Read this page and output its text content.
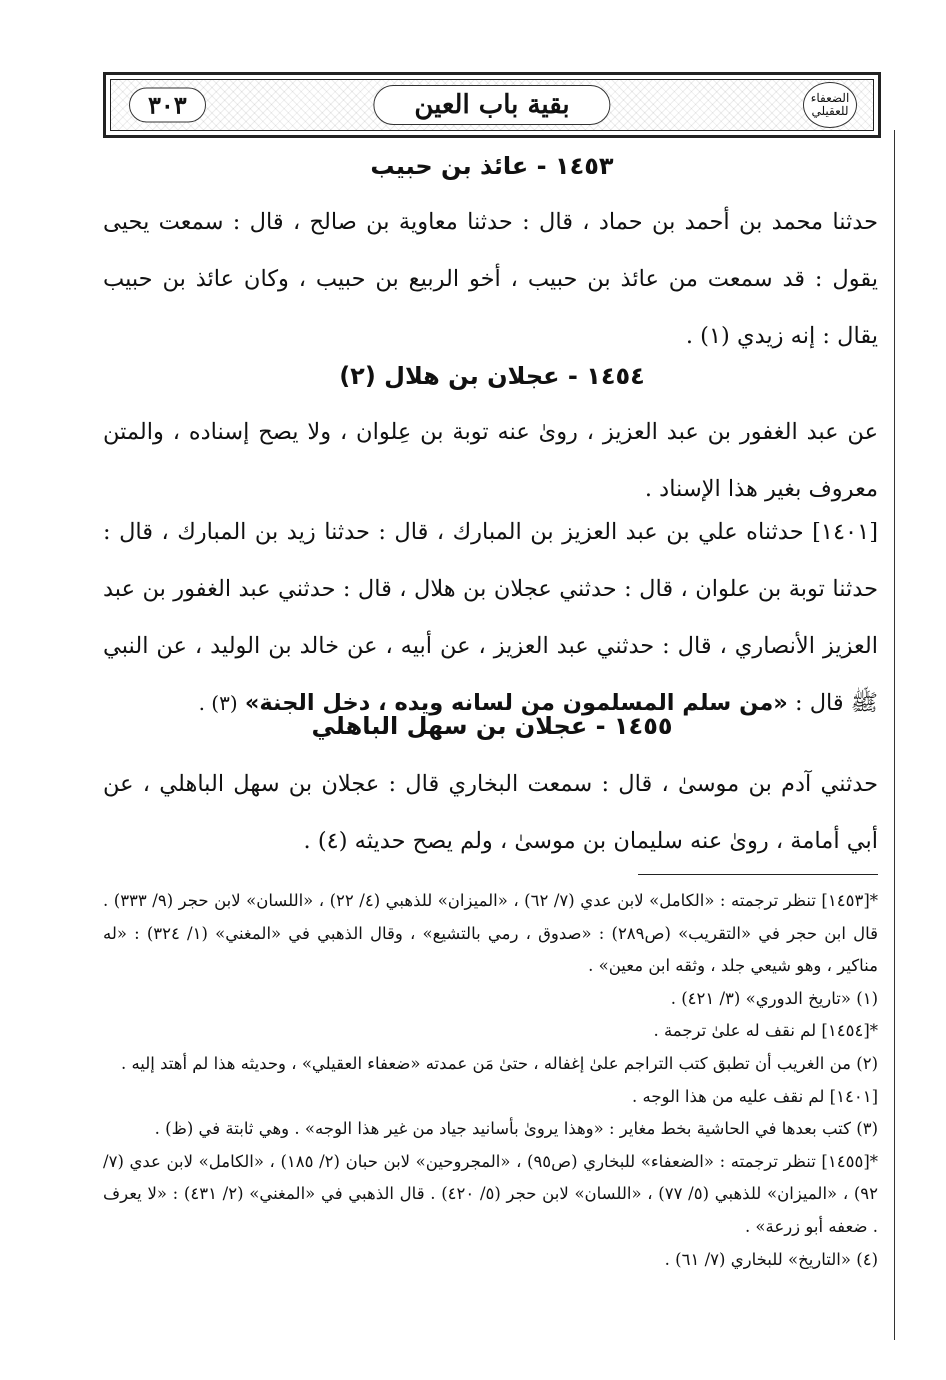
٣٠٣	بقية باب العين	الضعفاء
للعقيلي
١٤٥٣ - عائذ بن حبيب
حدثنا محمد بن أحمد بن حماد ، قال : حدثنا معاوية بن صالح ، قال : سمعت يحيى يقول : قد سمعت من عائذ بن حبيب ، أخو الربيع بن حبيب ، وكان عائذ بن حبيب يقال : إنه زيدي (١) .
١٤٥٤ - عجلان بن هلال (٢)
عن عبد الغفور بن عبد العزيز ، روىٰ عنه توبة بن عِلوان ، ولا يصح إسناده ، والمتن معروف بغير هذا الإسناد .
[١٤٠١] حدثناه علي بن عبد العزيز بن المبارك ، قال : حدثنا زيد بن المبارك ، قال : حدثنا توبة بن علوان ، قال : حدثني عجلان بن هلال ، قال : حدثني عبد الغفور بن عبد العزيز الأنصاري ، قال : حدثني عبد العزيز ، عن أبيه ، عن خالد بن الوليد ، عن النبي ﷺ قال : «من سلم المسلمون من لسانه ويده ، دخل الجنة» (٣) .
١٤٥٥ - عجلان بن سهل الباهلي
حدثني آدم بن موسىٰ ، قال : سمعت البخاري قال : عجلان بن سهل الباهلي ، عن أبي أمامة ، روىٰ عنه سليمان بن موسىٰ ، ولم يصح حديثه (٤) .
*[١٤٥٣] تنظر ترجمته : «الكامل» لابن عدي (٧/ ٦٢) ، «الميزان» للذهبي (٤/ ٢٢) ، «اللسان» لابن حجر (٩/ ٣٣٣) . قال ابن حجر في «التقريب» (ص٢٨٩) : «صدوق ، رمي بالتشيع» ، وقال الذهبي في «المغني» (١/ ٣٢٤) : «له مناكير ، وهو شيعي جلد ، وثقه ابن معين» .
(١) «تاريخ الدوري» (٣/ ٤٢١) .
*[١٤٥٤] لم نقف له علىٰ ترجمة .
(٢) من الغريب أن تطبق كتب التراجم علىٰ إغفاله ، حتىٰ مَن عمدته «ضعفاء العقيلي» ، وحديثه هذا لم أهتد إليه .
[١٤٠١] لم نقف عليه من هذا الوجه .
(٣) كتب بعدها في الحاشية بخط مغاير : «وهذا يروىٰ بأسانيد جياد من غير هذا الوجه» . وهي ثابتة في (ظ) .
*[١٤٥٥] تنظر ترجمته : «الضعفاء» للبخاري (ص٩٥) ، «المجروحين» لابن حبان (٢/ ١٨٥) ، «الكامل» لابن عدي (٧/ ٩٢) ، «الميزان» للذهبي (٥/ ٧٧) ، «اللسان» لابن حجر (٥/ ٤٢٠) . قال الذهبي في «المغني» (٢/ ٤٣١) : «لا يعرف . ضعفه أبو زرعة» .
(٤) «التاريخ» للبخاري (٧/ ٦١) .
